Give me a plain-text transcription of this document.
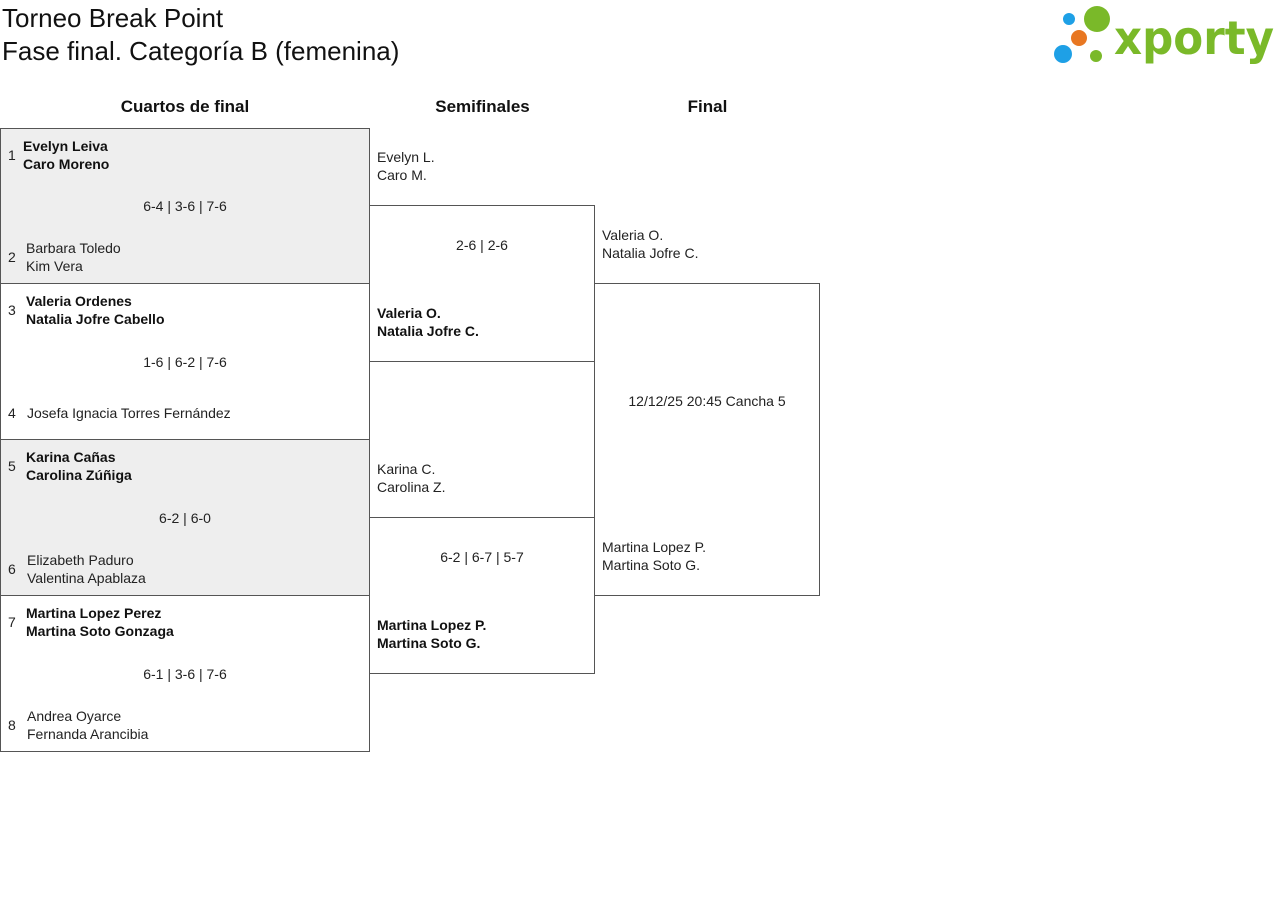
Torneo Break Point
Fase final. Categoría B (femenina)	xporty
Cuartos de final	Semifinales	Final
1
Evelyn Leiva
Caro Moreno
6-4 | 3-6 | 7-6
2
Barbara Toledo
Kim Vera
3
Valeria Ordenes
Natalia Jofre Cabello
1-6 | 6-2 | 7-6
4 Josefa Ignacia Torres Fernández
5
Karina Cañas
Carolina Zúñiga
6-2 | 6-0
6
Elizabeth Paduro
Valentina Apablaza
7
Martina Lopez Perez
Martina Soto Gonzaga
6-1 | 3-6 | 7-6
8
Andrea Oyarce
Fernanda Arancibia
Evelyn L.
Caro M.
2-6 | 2-6
Valeria O.
Natalia Jofre C.
Karina C.
Carolina Z.
6-2 | 6-7 | 5-7
Martina Lopez P.
Martina Soto G.
Valeria O.
Natalia Jofre C.
12/12/25 20:45 Cancha 5
Martina Lopez P.
Martina Soto G.
